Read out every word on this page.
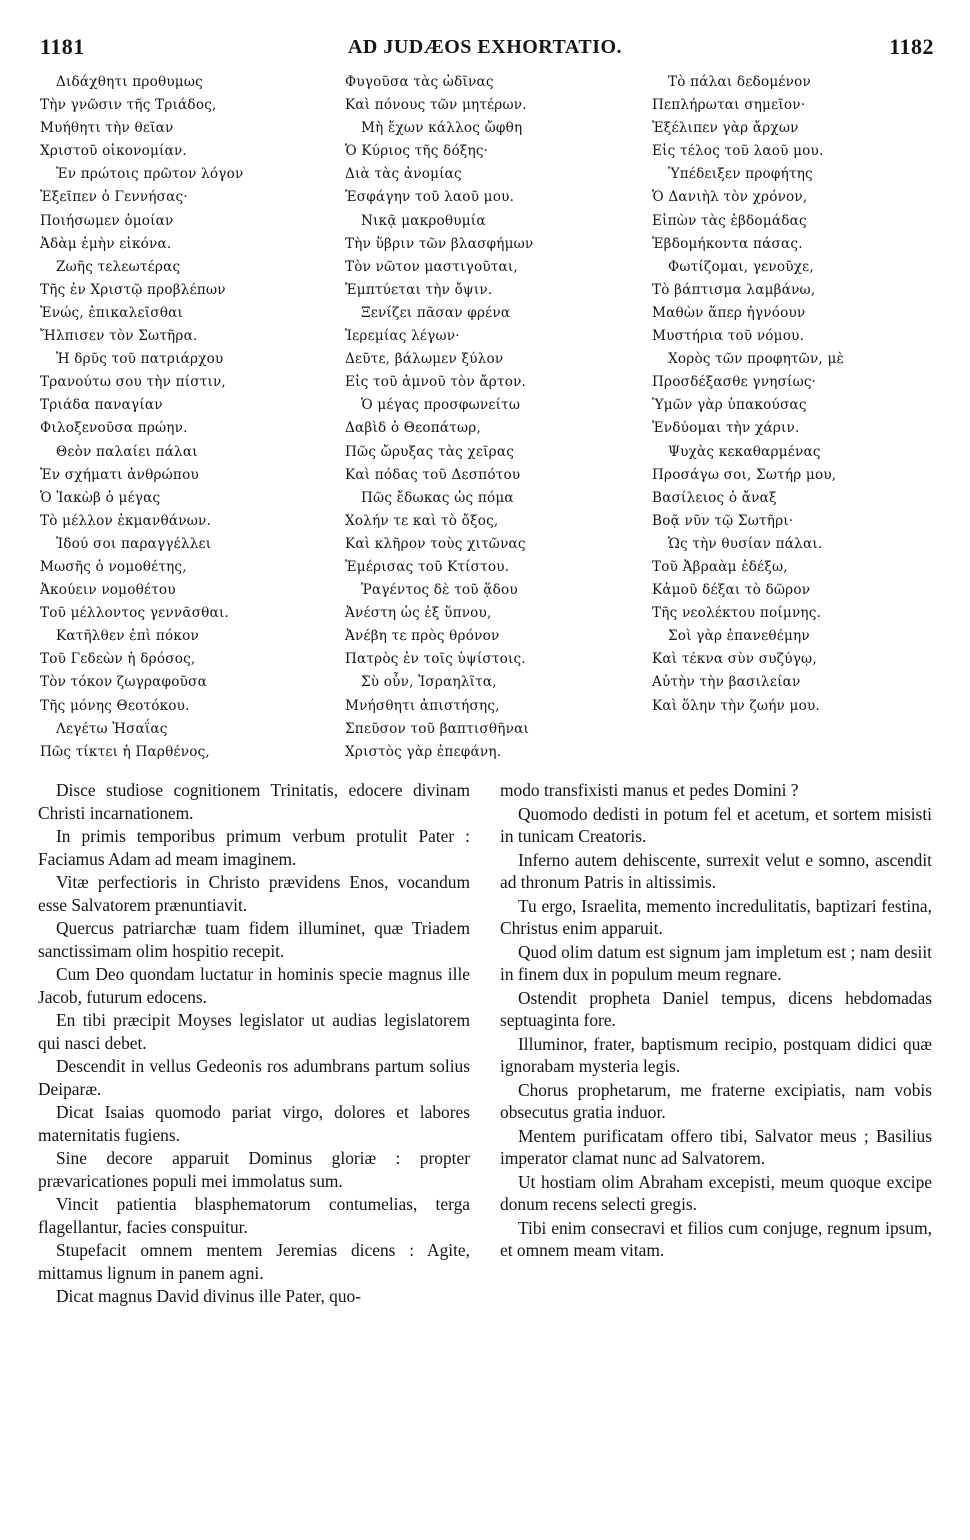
1181	AD JUDÆOS EXHORTATIO.	1182
Διδάχθητι προθυμως
Τὴν γνῶσιν τῆς Τριάδος,
Μυήθητι τὴν θεῖαν
Χριστοῦ οἰκονομίαν.
Ἐν πρώτοις πρῶτον λόγον
Ἐξεῖπεν ὁ Γεννήσας·
Ποιήσωμεν ὁμοίαν
Ἀδὰμ ἐμὴν εἰκόνα.
Ζωῆς τελεωτέρας
Τῆς ἐν Χριστῷ προβλέπων
Ἐνώς, ἐπικαλεῖσθαι
Ἤλπισεν τὸν Σωτῆρα.
Ἡ δρῦς τοῦ πατριάρχου
Τρανούτω σου τὴν πίστιν,
Τριάδα παναγίαν
Φιλοξενοῦσα πρώην.
Θεὸν παλαίει πάλαι
Ἐν σχήματι ἀνθρώπου
Ὁ Ἰακὼβ ὁ μέγας
Τὸ μέλλον ἐκμανθάνων.
Ἰδού σοι παραγγέλλει
Μωσῆς ὁ νομοθέτης,
Ἀκούειν νομοθέτου
Τοῦ μέλλοντος γεννᾶσθαι.
Κατῆλθεν ἐπὶ πόκον
Τοῦ Γεδεὼν ἡ δρόσος,
Τὸν τόκον ζωγραφοῦσα
Τῆς μόνης Θεοτόκου.
Λεγέτω Ἡσαΐας
Πῶς τίκτει ἡ Παρθένος,
Φυγοῦσα τὰς ὠδῖνας
Καὶ πόνους τῶν μητέρων.
Μὴ ἔχων κάλλος ὤφθη
Ὁ Κύριος τῆς δόξης·
Διὰ τὰς ἀνομίας
Ἐσφάγην τοῦ λαοῦ μου.
Νικᾷ μακροθυμία
Τὴν ὕβριν τῶν βλασφήμων
Τὸν νῶτον μαστιγοῦται,
Ἐμπτύεται τὴν ὄψιν.
Ξενίζει πᾶσαν φρένα
Ἱερεμίας λέγων·
Δεῦτε, βάλωμεν ξύλον
Εἰς τοῦ ἀμνοῦ τὸν ἄρτον.
Ὁ μέγας προσφωνείτω
Δαβὶδ ὁ Θεοπάτωρ,
Πῶς ὤρυξας τὰς χεῖρας
Καὶ πόδας τοῦ Δεσπότου
Πῶς ἔδωκας ὡς πόμα
Χολήν τε καὶ τὸ ὄξος,
Καὶ κλῆρον τοὺς χιτῶνας
Ἐμέρισας τοῦ Κτίστου.
Ῥαγέντος δὲ τοῦ ᾅδου
Ἀνέστη ὡς ἐξ ὕπνου,
Ἀνέβη τε πρὸς θρόνον
Πατρὸς ἐν τοῖς ὑψίστοις.
Σὺ οὖν, Ἰσραηλῖτα,
Μνήσθητι ἀπιστήσης,
Σπεῦσον τοῦ βαπτισθῆναι
Χριστὸς γὰρ ἐπεφάνη.
Τὸ πάλαι δεδομένον
Πεπλήρωται σημεῖον·
Ἐξέλιπεν γὰρ ἄρχων
Εἰς τέλος τοῦ λαοῦ μου.
Ὑπέδειξεν προφήτης
Ὁ Δανιὴλ τὸν χρόνον,
Εἰπὼν τὰς ἑβδομάδας
Ἑβδομήκοντα πάσας.
Φωτίζομαι, γενοῦχε,
Τὸ βάπτισμα λαμβάνω,
Μαθὼν ἅπερ ἠγνόουν
Μυστήρια τοῦ νόμου.
Χορὸς τῶν προφητῶν, μὲ
Προσδέξασθε γνησίως·
Ὑμῶν γὰρ ὑπακούσας
Ἐνδύομαι τὴν χάριν.
Ψυχὰς κεκαθαρμένας
Προσάγω σοι, Σωτήρ μου,
Βασίλειος ὁ ἄναξ
Βοᾷ νῦν τῷ Σωτῆρι·
Ὡς τὴν θυσίαν πάλαι.
Τοῦ Ἀβραὰμ ἐδέξω,
Κἀμοῦ δέξαι τὸ δῶρον
Τῆς νεολέκτου ποίμνης.
Σοὶ γὰρ ἐπανεθέμην
Καὶ τέκνα σὺν συζύγῳ,
Αὐτὴν τὴν βασιλείαν
Καὶ ὅλην τὴν ζωήν μου.

Disce studiose cognitionem Trinitatis, edocere divinam Christi incarnationem.

In primis temporibus primum verbum protulit Pater : Faciamus Adam ad meam imaginem.

Vitæ perfectioris in Christo prævidens Enos, vocandum esse Salvatorem prænuntiavit.

Quercus patriarchæ tuam fidem illuminet, quæ Triadem sanctissimam olim hospitio recepit.

Cum Deo quondam luctatur in hominis specie magnus ille Jacob, futurum edocens.

En tibi præcipit Moyses legislator ut audias legislatorem qui nasci debet.

Descendit in vellus Gedeonis ros adumbrans partum solius Deiparæ.

Dicat Isaias quomodo pariat virgo, dolores et labores maternitatis fugiens.

Sine decore apparuit Dominus gloriæ : propter prævaricationes populi mei immolatus sum.

Vincit patientia blasphematorum contumelias, terga flagellantur, facies conspuitur.

Stupefacit omnem mentem Jeremias dicens : Agite, mittamus lignum in panem agni.

Dicat magnus David divinus ille Pater, quo-

modo transfixisti manus et pedes Domini ?

Quomodo dedisti in potum fel et acetum, et sortem misisti in tunicam Creatoris.

Inferno autem dehiscente, surrexit velut e somno, ascendit ad thronum Patris in altissimis.

Tu ergo, Israelita, memento incredulitatis, baptizari festina, Christus enim apparuit.

Quod olim datum est signum jam impletum est ; nam desiit in finem dux in populum meum regnare.

Ostendit propheta Daniel tempus, dicens hebdomadas septuaginta fore.

Illuminor, frater, baptismum recipio, postquam didici quæ ignorabam mysteria legis.

Chorus prophetarum, me fraterne excipiatis, nam vobis obsecutus gratia induor.

Mentem purificatam offero tibi, Salvator meus ; Basilius imperator clamat nunc ad Salvatorem.

Ut hostiam olim Abraham excepisti, meum quoque excipe donum recens selecti gregis.

Tibi enim consecravi et filios cum conjuge, regnum ipsum, et omnem meam vitam.
